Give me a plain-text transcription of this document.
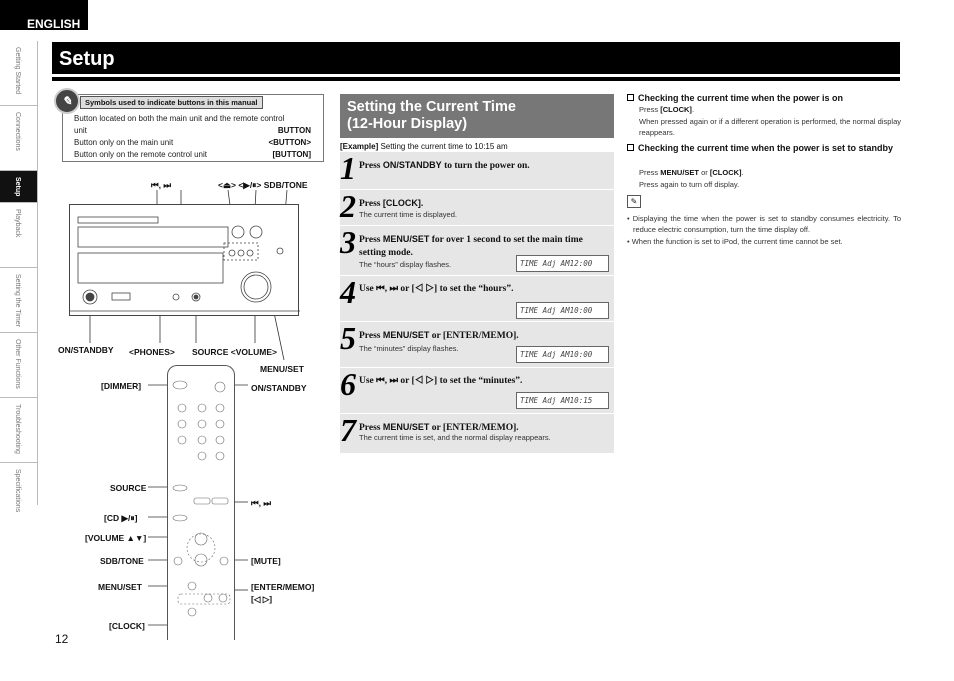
ENGLISH
Getting Started
Connections
Setup
Playback
Setting the Timer
Other Functions
Troubleshooting
Specifications
Setup
✎	Symbols used to indicate buttons in this manual
Button located on both the main unit and the remote control
unit	BUTTON
Button only on the main unit	<BUTTON>
Button only on the remote control unit	[BUTTON]
⏮, ⏭	<⏏> <▶/⏸> SDB/TONE
ON/STANDBY <PHONES> SOURCE <VOLUME>
MENU/SET
[DIMMER]	ON/STANDBY
SOURCE
⏮, ⏭
[CD ▶/⏸]
[VOLUME ▲▼]
SDB/TONE	[MUTE]
MENU/SET	[ENTER/MEMO]
[◁ ▷]
[CLOCK]
Setting the Current Time
(12-Hour Display)
[Example] Setting the current time to 10:15 am
1 Press ON/STANDBY to turn the power on.
2 Press [CLOCK].
The current time is displayed.
3 Press MENU/SET for over 1 second to set the main time setting mode.
The “hours” display flashes.	TIME Adj AM12:00
4 Use ⏮, ⏭ or [◁ ▷] to set the “hours”.
TIME Adj AM10:00
5 Press MENU/SET or [ENTER/MEMO].
The “minutes” display flashes.
TIME Adj AM10:00
6 Use ⏮, ⏭ or [◁ ▷] to set the “minutes”.
TIME Adj AM10:15
7 Press MENU/SET or [ENTER/MEMO].
The current time is set, and the normal display reappears.
Checking the current time when the power is on
Press [CLOCK].
When pressed again or if a different operation is performed, the normal display reappears.
Checking the current time when the power is set to standby
Press MENU/SET or [CLOCK].
Press again to turn off display.
✎
• Displaying the time when the power is set to standby consumes electricity. To reduce electric consumption, turn the time display off.
• When the function is set to iPod, the current time cannot be set.
12
